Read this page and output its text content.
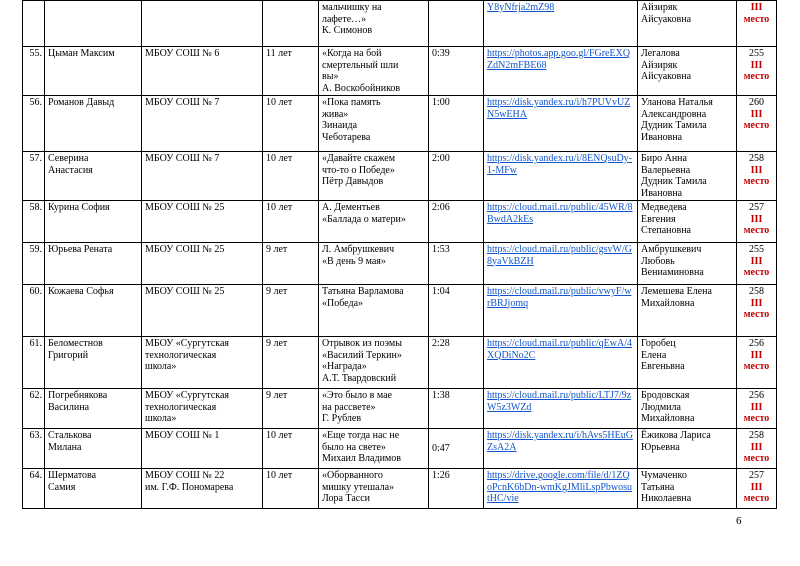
				мальчишку на
лафете…»
К. Симонов		Y8yNfrja2mZ98	Айзиряк
Айсуаковна	III место

55.	Цыман Максим	МБОУ СОШ № 6	11 лет	«Когда на бой
смертельный шли
вы»
А. Воскобойников	0:39	https://photos.app.goo.gl/FGreEXQZdN2mFBE68	Легалова
Айзиряк
Айсуаковна	255
III место

56.	Романов Давыд	МБОУ СОШ № 7	10 лет	«Пока память
жива»
Зинаида
Чеботарева	1:00	https://disk.yandex.ru/i/h7PUVvUZN5wEHA	Уланова Наталья
Александровна
Дудник Тамила
Ивановна	260
III место

57.	Северина
Анастасия	МБОУ СОШ № 7	10 лет	«Давайте скажем
что-то о Победе»
Пётр Давыдов	2:00	https://disk.yandex.ru/i/8ENQsuDy-1-MFw	Биро Анна
Валерьевна
Дудник Тамила
Ивановна	258
III место

58.	Курина София	МБОУ СОШ № 25	10 лет	А. Дементьев
«Баллада о матери»	2:06	https://cloud.mail.ru/public/45WR/8BwdA2kEs	Медведева
Евгения
Степановна	257
III место

59.	Юрьева Рената	МБОУ СОШ № 25	9 лет	Л. Амбрушкевич
«В день 9 мая»	1:53	https://cloud.mail.ru/public/gsvW/G8yaVkBZH	Амбрушкевич
Любовь
Вениаминовна	255
III место

60.	Кожаева Софья	МБОУ СОШ № 25	9 лет	Татьяна Варламова
«Победа»	1:04	https://cloud.mail.ru/public/vwyF/wrBRJjomq	Лемешева Елена
Михайловна	258
III место

61.	Беломестнов
Григорий	МБОУ «Сургутская
технологическая
школа»	9 лет	Отрывок из поэмы
«Василий Теркин»
«Награда»
А.Т. Твардовский	2:28	https://cloud.mail.ru/public/qEwA/4XQDiNo2C	Горобец
Елена
Евгеньвна	256
III место

62.	Погребнякова
Василина	МБОУ «Сургутская
технологическая
школа»	9 лет	«Это было в мае
на рассвете»
Г. Рублев	1:38	https://cloud.mail.ru/public/LTJ7/9zW5z3WZd	Бродовская
Людмила
Михайловна	256
III место

63.	Сталькова
Милана	МБОУ СОШ № 1	10 лет	«Еще тогда нас не
было на свете»
Михаил Владимов	0:47	https://disk.yandex.ru/i/hAvs5HEuGZsA2A	Ёжикова Лариса
Юрьевна	258
III место

64.	Шерматова
Самия	МБОУ СОШ № 22
им. Г.Ф. Пономарева	10 лет	«Оборванного
мишку утешала»
Лора Тасси	1:26	https://drive.google.com/file/d/1ZQoPcnK6bDn-wmKgJMliLspPbwosutHC/vie	Чумаченко
Татьяна
Николаевна	257
III место
6
